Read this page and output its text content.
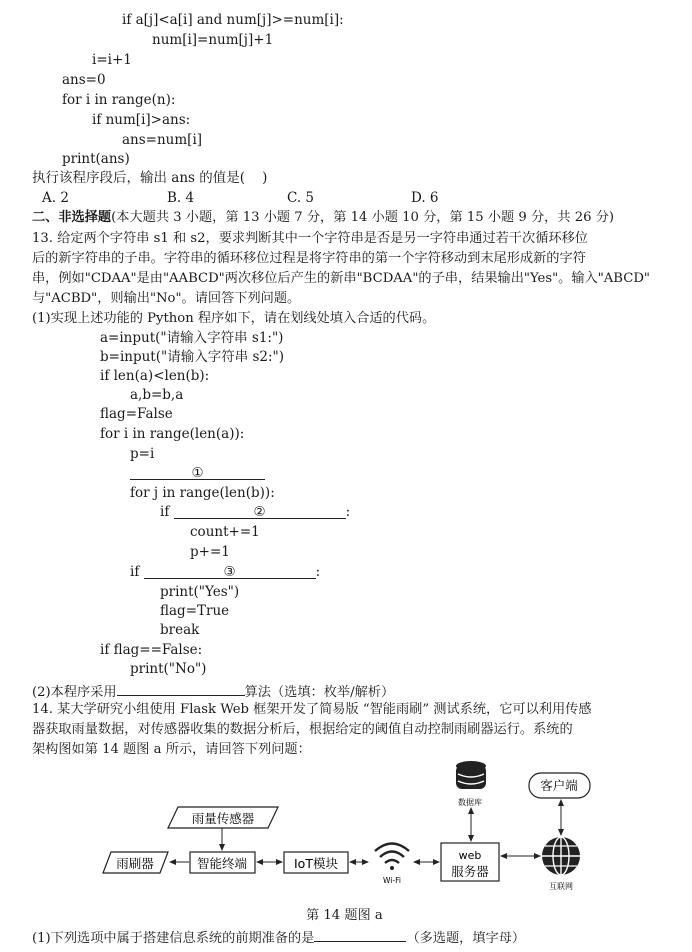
if a[j]<a[i] and num[j]>=num[i]:
num[i]=num[j]+1
i=i+1
ans=0
for i in range(n):
if num[i]>ans:
ans=num[i]
print(ans)
执行该程序段后，输出 ans 的值是(    )
A. 2	B. 4	C. 5	D. 6
二、非选择题(本大题共 3 小题，第 13 小题 7 分，第 14 小题 10 分，第 15 小题 9 分，共 26 分)
13. 给定两个字符串 s1 和 s2，要求判断其中一个字符串是否是另一字符串通过若干次循环移位
后的新字符串的子串。字符串的循环移位过程是将字符串的第一个字符移动到末尾形成新的字符
串，例如"CDAA"是由"AABCD"两次移位后产生的新串"BCDAA"的子串，结果输出"Yes"。输入"ABCD"
与"ACBD"，则输出"No"。请回答下列问题。
(1)实现上述功能的 Python 程序如下，请在划线处填入合适的代码。
a=input("请输入字符串 s1:")
b=input("请输入字符串 s2:")
if len(a)<len(b):
a,b=b,a
flag=False
for i in range(len(a)):
p=i
①
for j in range(len(b)):
if	②	:
count+=1
p+=1
if	③	:
print("Yes")
flag=True
break
if flag==False:
print("No")
(2)本程序采用	算法（选填：枚举/解析）
14. 某大学研究小组使用 Flask Web 框架开发了简易版 “智能雨刷” 测试系统，它可以利用传感
器获取雨量数据，对传感器收集的数据分析后，根据给定的阈值自动控制雨刷器运行。系统的
架构图如第 14 题图 a 所示，请回答下列问题：
雨量传感器
雨刷器	智能终端	IoT模块
Wi-Fi
web
服务器
数据库
客户端
互联网
第 14 题图 a
(1)下列选项中属于搭建信息系统的前期准备的是	（多选题，填字母）
